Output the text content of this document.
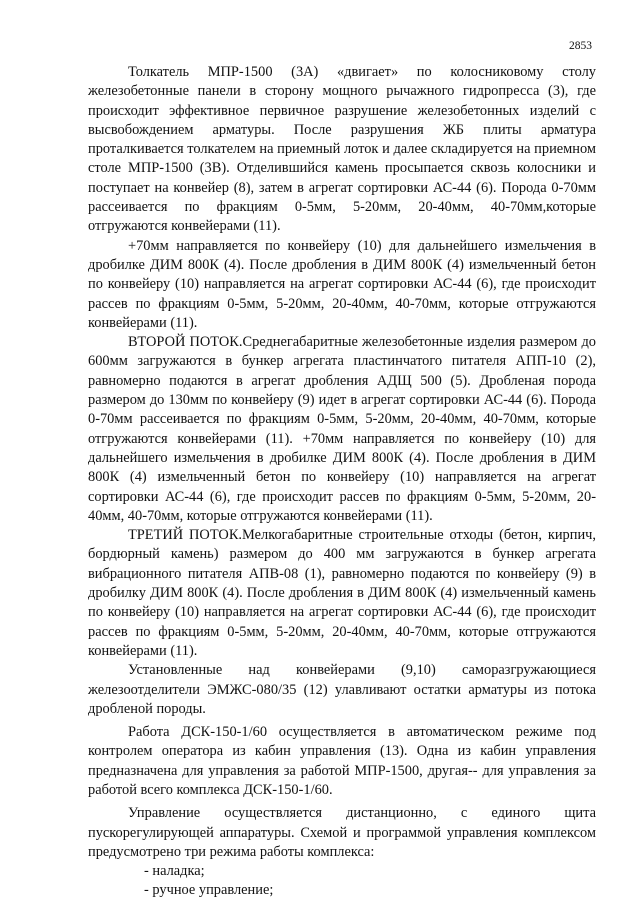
2853

Толкатель МПР-1500 (3А) «двигает» по колосниковому столу железобетонные панели в сторону мощного рычажного гидропресса (3), где происходит эффективное первичное разрушение железобетонных изделий с высвобождением арматуры. После разрушения ЖБ плиты арматура проталкивается толкателем на приемный лоток и далее складируется на приемном столе МПР-1500 (3В). Отделившийся камень просыпается сквозь колосники и поступает на конвейер (8), затем в агрегат сортировки АС-44 (6). Порода 0-70мм рассеивается по фракциям 0-5мм, 5-20мм, 20-40мм, 40-70мм,которые отгружаются конвейерами (11).

+70мм направляется по конвейеру (10) для дальнейшего измельчения в дробилке ДИМ 800К (4). После дробления в ДИМ 800К (4) измельченный бетон по конвейеру (10) направляется на агрегат сортировки АС-44 (6), где происходит рассев по фракциям 0-5мм, 5-20мм, 20-40мм, 40-70мм, которые отгружаются конвейерами (11).

ВТОРОЙ ПОТОК.Среднегабаритные железобетонные изделия размером до 600мм загружаются в бункер агрегата пластинчатого питателя АПП-10 (2), равномерно подаются в агрегат дробления АДЩ 500 (5). Дробленая порода размером до 130мм по конвейеру (9) идет в агрегат сортировки АС-44 (6). Порода 0-70мм рассеивается по фракциям 0-5мм, 5-20мм, 20-40мм, 40-70мм, которые отгружаются конвейерами (11). +70мм направляется по конвейеру (10) для дальнейшего измельчения в дробилке ДИМ 800К (4). После дробления в ДИМ 800К (4) измельченный бетон по конвейеру (10) направляется на агрегат сортировки АС-44 (6), где происходит рассев по фракциям 0-5мм, 5-20мм, 20-40мм, 40-70мм, которые отгружаются конвейерами (11).

ТРЕТИЙ ПОТОК.Мелкогабаритные строительные отходы (бетон, кирпич, бордюрный камень) размером до 400 мм загружаются в бункер агрегата вибрационного питателя АПВ-08 (1), равномерно подаются по конвейеру (9) в дробилку ДИМ 800К (4). После дробления в ДИМ 800К (4) измельченный камень по конвейеру (10) направляется на агрегат сортировки АС-44 (6), где происходит рассев по фракциям 0-5мм, 5-20мм, 20-40мм, 40-70мм, которые отгружаются конвейерами (11).

Установленные над конвейерами (9,10) саморазгружающиеся железоотделители ЭМЖС-080/35 (12) улавливают остатки арматуры из потока дробленой породы.

Работа ДСК-150-1/60 осуществляется в автоматическом режиме под контролем оператора из кабин управления (13). Одна из кабин управления предназначена для управления за работой МПР-1500, другая-- для управления за работой всего комплекса ДСК-150-1/60.

Управление осуществляется дистанционно, с единого щита пускорегулирующей аппаратуры. Схемой и программой управления комплексом предусмотрено три режима работы комплекса:

- наладка;
- ручное управление;
